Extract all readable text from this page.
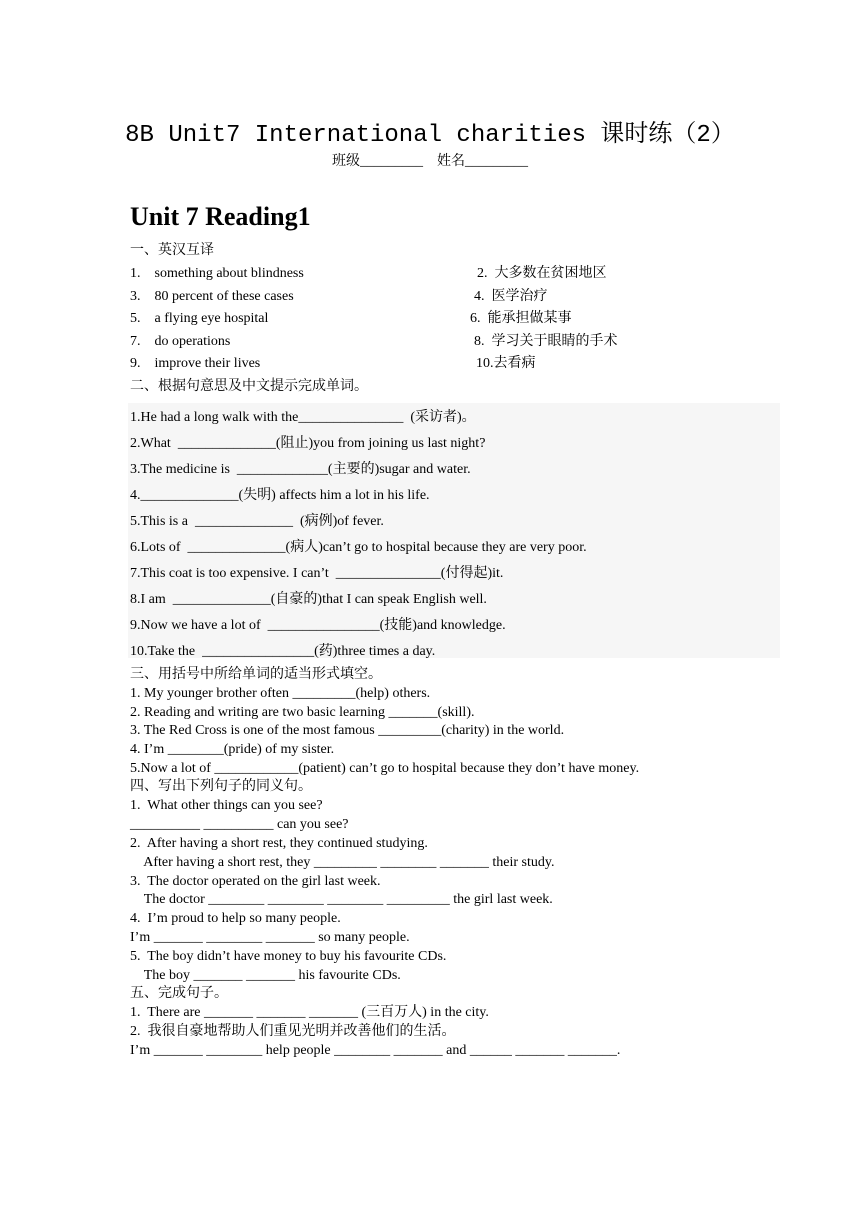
8B Unit7 International charities 课时练（2）
班级_________    姓名_________
Unit 7 Reading1
一、英汉互译
1.    something about blindness	2.  大多数在贫困地区
3.    80 percent of these cases	4.  医学治疗
5.    a flying eye hospital	6.  能承担做某事
7.    do operations	8.  学习关于眼睛的手术
9.    improve their lives	10.去看病
二、根据句意思及中文提示完成单词。
1.He had a long walk with the_______________  (采访者)。
2.What  ______________(阻止)you from joining us last night?
3.The medicine is  _____________(主要的)sugar and water.
4.______________(失明) affects him a lot in his life.
5.This is a  ______________  (病例)of fever.
6.Lots of  ______________(病人)can’t go to hospital because they are very poor.
7.This coat is too expensive. I can’t  _______________(付得起)it.
8.I am  ______________(自豪的)that I can speak English well.
9.Now we have a lot of  ________________(技能)and knowledge.
10.Take the  ________________(药)three times a day.
三、用括号中所给单词的适当形式填空。
1. My younger brother often _________(help) others.
2. Reading and writing are two basic learning _______(skill).
3. The Red Cross is one of the most famous _________(charity) in the world.
4. I’m ________(pride) of my sister.
5.Now a lot of ____________(patient) can’t go to hospital because they don’t have money.
四、写出下列句子的同义句。
1.  What other things can you see?
__________ __________ can you see?
2.  After having a short rest, they continued studying.
After having a short rest, they _________ ________ _______ their study.
3.  The doctor operated on the girl last week.
The doctor ________ ________ ________ _________ the girl last week.
4.  I’m proud to help so many people.
I’m _______ ________ _______ so many people.
5.  The boy didn’t have money to buy his favourite CDs.
The boy _______ _______ his favourite CDs.
五、完成句子。
1.  There are _______ _______ _______ (三百万人) in the city.
2.  我很自豪地帮助人们重见光明并改善他们的生活。
I’m _______ ________ help people ________ _______ and ______ _______ _______.
